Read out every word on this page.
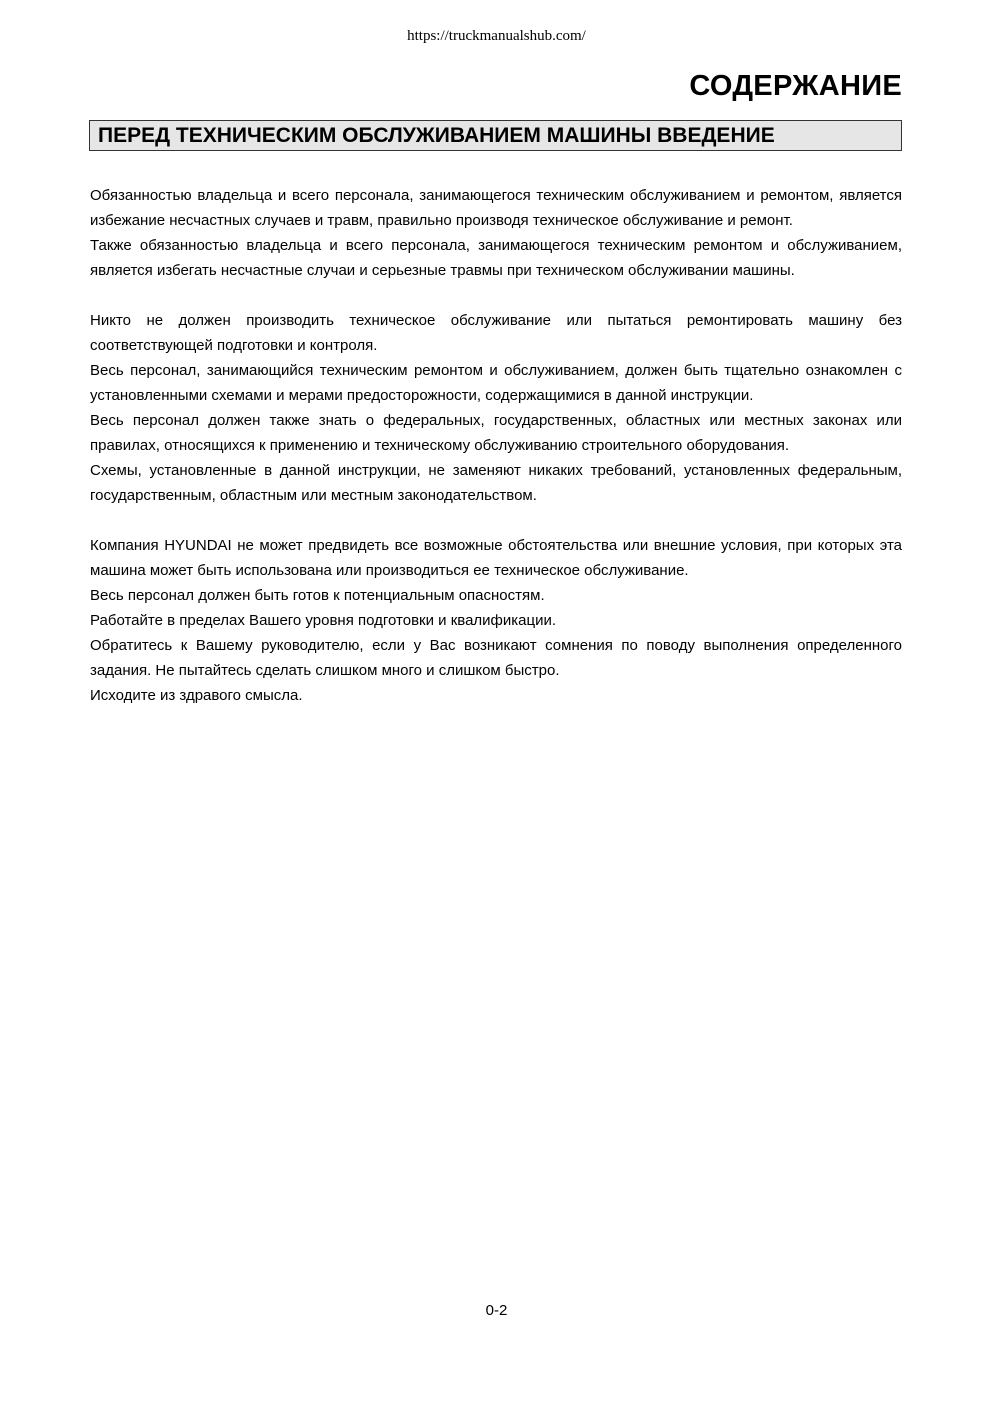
https://truckmanualshub.com/
СОДЕРЖАНИЕ
ПЕРЕД ТЕХНИЧЕСКИМ ОБСЛУЖИВАНИЕМ МАШИНЫ ВВЕДЕНИЕ

Обязанностью владельца и всего персонала, занимающегося техническим обслуживанием и ремонтом, является избежание несчастных случаев и травм, правильно производя техническое обслуживание и ремонт.

Также обязанностью владельца и всего персонала, занимающегося техническим ремонтом и обслуживанием, является избегать несчастные случаи и серьезные травмы при техническом обслуживании машины.

Никто не должен производить техническое обслуживание или пытаться ремонтировать машину без соответствующей подготовки и контроля.

Весь персонал, занимающийся техническим ремонтом и обслуживанием, должен быть тщательно ознакомлен с установленными схемами и мерами предосторожности, содержащимися в данной инструкции.

Весь персонал должен также знать о федеральных, государственных, областных или местных законах или правилах, относящихся к применению и техническому обслуживанию строительного оборудования.

Схемы, установленные в данной инструкции, не заменяют никаких требований, установленных федеральным, государственным, областным или местным законодательством.

Компания HYUNDAI не может предвидеть все возможные обстоятельства или внешние условия, при которых эта машина может быть использована или производиться ее техническое обслуживание.

Весь персонал должен быть готов к потенциальным опасностям.

Работайте в пределах Вашего уровня подготовки и квалификации.

Обратитесь к Вашему руководителю, если у Вас возникают сомнения по поводу выполнения определенного задания. Не пытайтесь сделать слишком много и слишком быстро.

Исходите из здравого смысла.

0-2
